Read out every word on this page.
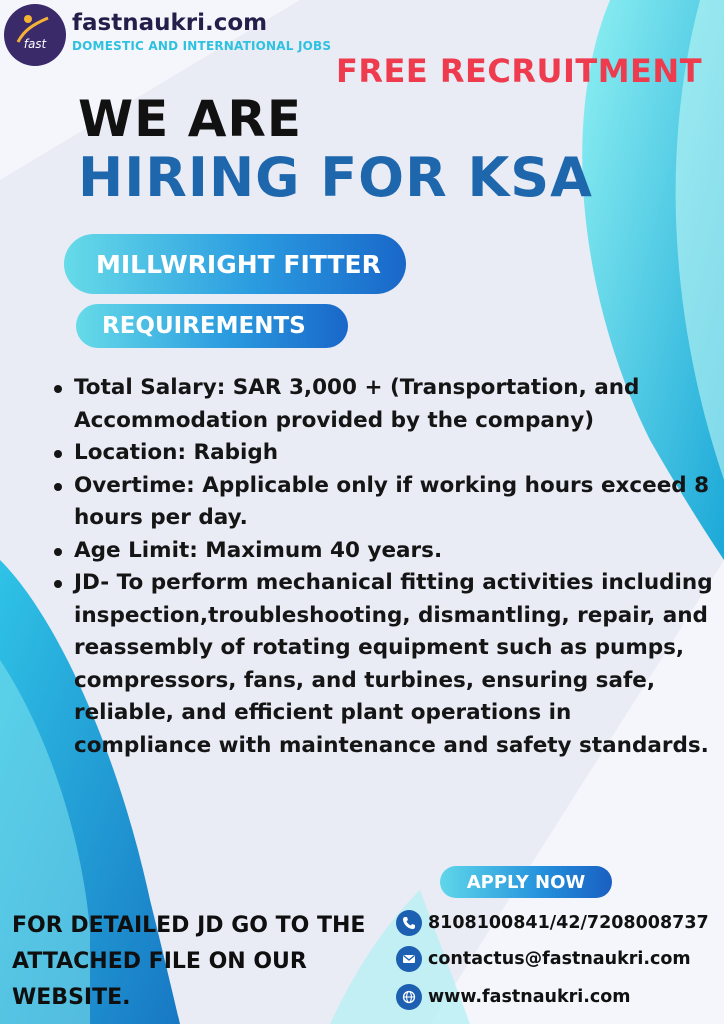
fast
fastnaukri.com
DOMESTIC AND INTERNATIONAL JOBS
FREE RECRUITMENT
WE ARE
HIRING FOR KSA
MILLWRIGHT FITTER
REQUIREMENTS
Total Salary: SAR 3,000 + (Transportation, and Accommodation provided by the company)
Location: Rabigh
Overtime: Applicable only if working hours exceed 8 hours per day.
Age Limit: Maximum 40 years.
JD- To perform mechanical fitting activities including inspection,troubleshooting, dismantling, repair, and reassembly of rotating equipment such as pumps, compressors, fans, and turbines, ensuring safe, reliable, and efficient plant operations in compliance with maintenance and safety standards.
APPLY NOW
FOR DETAILED JD GO TO THE ATTACHED FILE ON OUR WEBSITE.
8108100841/42/7208008737
contactus@fastnaukri.com
www.fastnaukri.com
